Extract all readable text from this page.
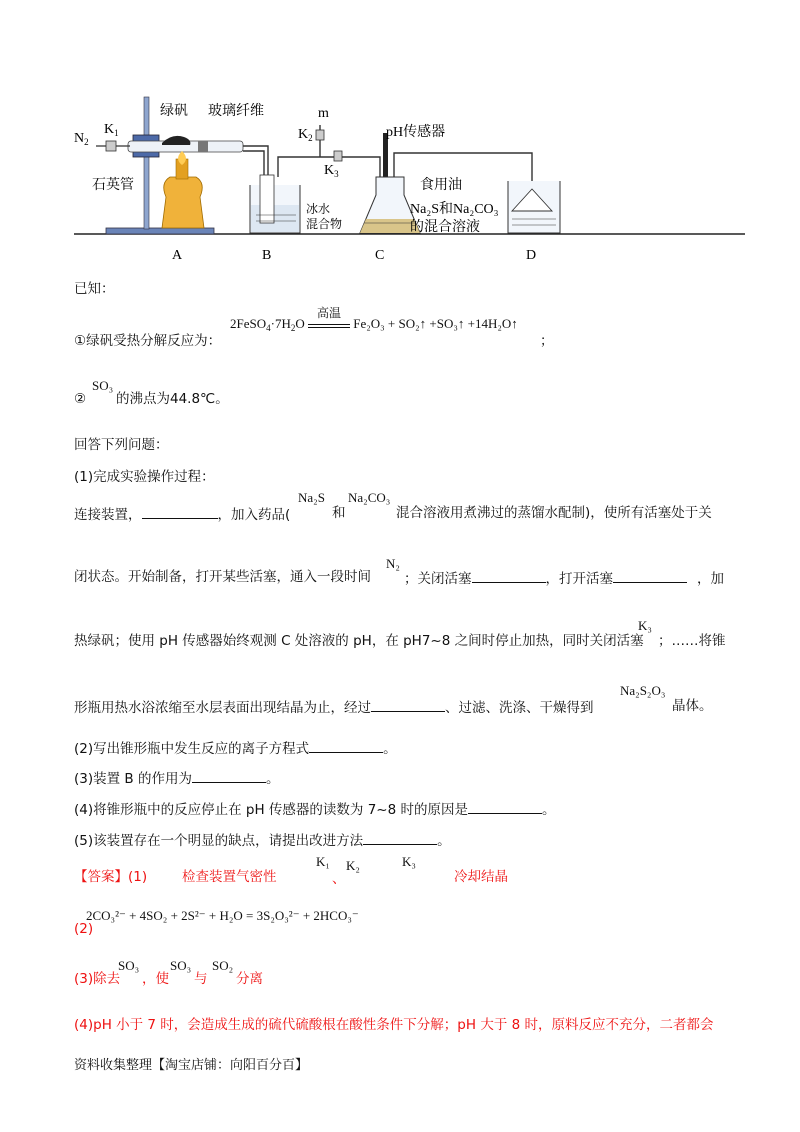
$N_2$
$K_1$
绿矾 玻璃纤维
石英管
m
$K_2$
$K_3$
pH传感器
冰水
混合物
食用油
Na₂S和Na₂CO₃
的混合溶液
A	B	C	D
已知：
①绿矾受热分解反应为：
$2FeSO_4\cdot 7H_2O$
高温
Fe₂O₃ + SO₂↑ +SO₃↑ +14H₂O↑
；
②
SO₃
的沸点为44.8℃。
回答下列问题：
(1)完成实验操作过程：
连接装置，	，加入药品(
Na₂S
和
Na₂CO₃
混合溶液用煮沸过的蒸馏水配制)，使所有活塞处于关
闭状态。开始制备，打开某些活塞，通入一段时间
N₂
；关闭活塞	，打开活塞	，加
热绿矾；使用 pH 传感器始终观测 C 处溶液的 pH，在 pH7~8 之间时停止加热，同时关闭活塞
K₃
；……将锥
形瓶用热水浴浓缩至水层表面出现结晶为止，经过	、过滤、洗涤、干燥得到
Na₂S₂O₃
晶体。
(2)写出锥形瓶中发生反应的离子方程式	。
(3)装置 B 的作用为	。
(4)将锥形瓶中的反应停止在 pH 传感器的读数为 7~8 时的原因是	。
(5)该装置存在一个明显的缺点，请提出改进方法	。
【答案】(1)	检查装置气密性
K₁
、
K₂	K₃
冷却结晶
2CO₃²⁻ + 4SO₂ + 2S²⁻ + H₂O = 3S₂O₃²⁻ + 2HCO₃⁻
(2)
(3)除去
SO₃
，使
SO₃
与
SO₂
分离
(4)pH 小于 7 时，会造成生成的硫代硫酸根在酸性条件下分解；pH 大于 8 时，原料反应不充分，二者都会
资料收集整理【淘宝店铺：向阳百分百】
